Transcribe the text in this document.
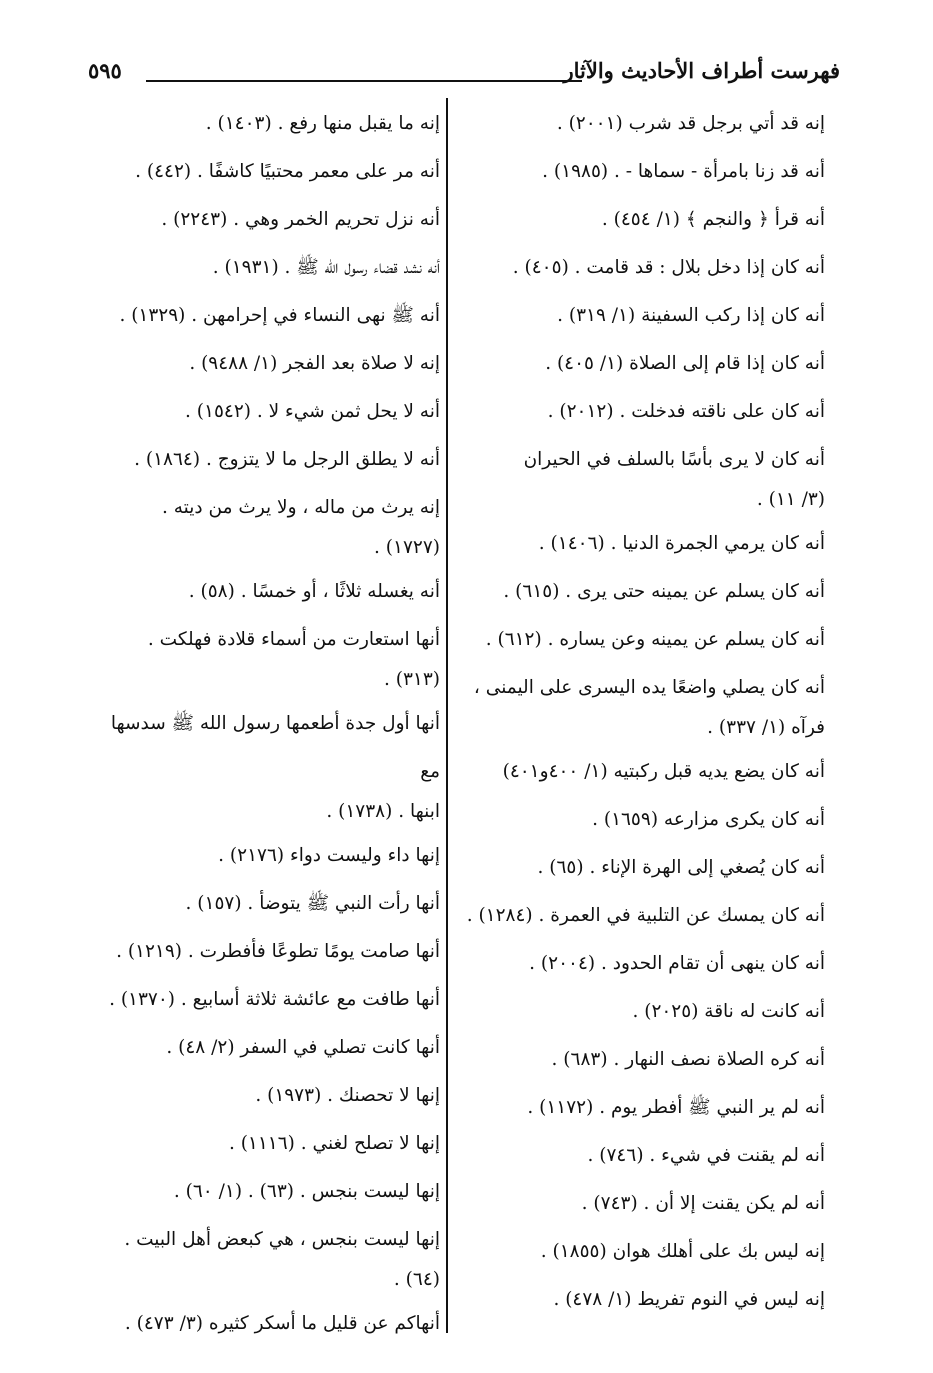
فهرست أطراف الأحاديث والآثار
٥٩٥
إنه قد أتي برجل قد شرب (٢٠٠١) .
أنه قد زنا بامرأة - سماها - . (١٩٨٥) .
أنه قرأ ﴿ والنجم ﴾ (١/ ٤٥٤) .
أنه كان إذا دخل بلال : قد قامت . (٤٠٥) .
أنه كان إذا ركب السفينة (١/ ٣١٩) .
أنه كان إذا قام إلى الصلاة (١/ ٤٠٥) .
أنه كان على ناقته فدخلت . (٢٠١٢) .
أنه كان لا يرى بأسًا بالسلف في الحيران
(٣/ ١١) .
أنه كان يرمي الجمرة الدنيا . (١٤٠٦) .
أنه كان يسلم عن يمينه حتى يرى . (٦١٥) .
أنه كان يسلم عن يمينه وعن يساره . (٦١٢) .
أنه كان يصلي واضعًا يده اليسرى على اليمنى ،
فرآه (١/ ٣٣٧) .
أنه كان يضع يديه قبل ركبتيه (١/ ٤٠٠و٤٠١)
أنه كان يكرى مزارعه (١٦٥٩) .
أنه كان يُصغي إلى الهرة الإناء . (٦٥) .
أنه كان يمسك عن التلبية في العمرة . (١٢٨٤) .
أنه كان ينهى أن تقام الحدود . (٢٠٠٤) .
أنه كانت له ناقة (٢٠٢٥) .
أنه كره الصلاة نصف النهار . (٦٨٣) .
أنه لم ير النبي ﷺ أفطر يوم . (١١٧٢) .
أنه لم يقنت في شيء . (٧٤٦) .
أنه لم يكن يقنت إلا أن . (٧٤٣) .
إنه ليس بك على أهلك هوان (١٨٥٥) .
إنه ليس في النوم تفريط (١/ ٤٧٨) .
إنه ما يقبل منها رفع . (١٤٠٣) .
أنه مر على معمر محتبيًا كاشفًا . (٤٤٢) .
أنه نزل تحريم الخمر وهي . (٢٢٤٣) .
أنه نشد قضاء رسول الله ﷺ . (١٩٣١) .
أنه ﷺ نهى النساء في إحرامهن . (١٣٢٩) .
إنه لا صلاة بعد الفجر (١/ ٩٤٨٨) .
أنه لا يحل ثمن شيء لا . (١٥٤٢) .
أنه لا يطلق الرجل ما لا يتزوج . (١٨٦٤) .
إنه يرث من ماله ، ولا يرث من ديته .
(١٧٢٧) .
أنه يغسله ثلاثًا ، أو خمسًا . (٥٨) .
أنها استعارت من أسماء قلادة فهلكت .
(٣١٣) .
أنها أول جدة أطعمها رسول الله ﷺ سدسها مع
ابنها . (١٧٣٨) .
إنها داء وليست دواء (٢١٧٦) .
أنها رأت النبي ﷺ يتوضأ . (١٥٧) .
أنها صامت يومًا تطوعًا فأفطرت . (١٢١٩) .
أنها طافت مع عائشة ثلاثة أسابيع . (١٣٧٠) .
أنها كانت تصلي في السفر (٢/ ٤٨) .
إنها لا تحصنك . (١٩٧٣) .
إنها لا تصلح لغني . (١١١٦) .
إنها ليست بنجس . (٦٣) . (١/ ٦٠) .
إنها ليست بنجس ، هي كبعض أهل البيت .
(٦٤) .
أنهاكم عن قليل ما أسكر كثيره (٣/ ٤٧٣) .
